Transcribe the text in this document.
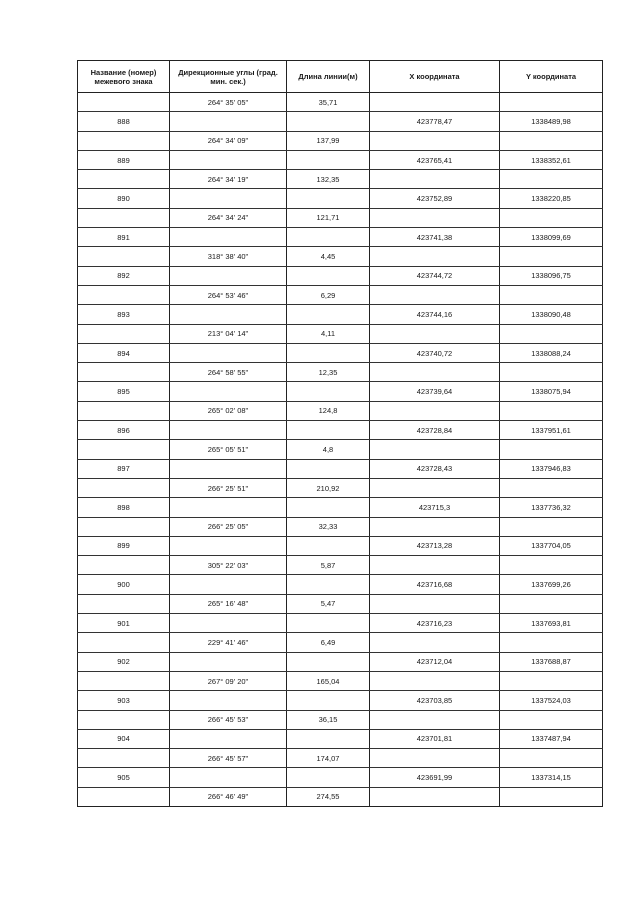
Название (номер) межевого знака	Дирекционные углы (град. мин. сек.)	Длина линии(м)	X координата	Y координата
	264° 35' 05"	35,71		
888			423778,47	1338489,98
	264° 34' 09"	137,99		
889			423765,41	1338352,61
	264° 34' 19"	132,35		
890			423752,89	1338220,85
	264° 34' 24"	121,71		
891			423741,38	1338099,69
	318° 38' 40"	4,45		
892			423744,72	1338096,75
	264° 53' 46"	6,29		
893			423744,16	1338090,48
	213° 04' 14"	4,11		
894			423740,72	1338088,24
	264° 58' 55"	12,35		
895			423739,64	1338075,94
	265° 02' 08"	124,8		
896			423728,84	1337951,61
	265° 05' 51"	4,8		
897			423728,43	1337946,83
	266° 25' 51"	210,92		
898			423715,3	1337736,32
	266° 25' 05"	32,33		
899			423713,28	1337704,05
	305° 22' 03"	5,87		
900			423716,68	1337699,26
	265° 16' 48"	5,47		
901			423716,23	1337693,81
	229° 41' 46"	6,49		
902			423712,04	1337688,87
	267° 09' 20"	165,04		
903			423703,85	1337524,03
	266° 45' 53"	36,15		
904			423701,81	1337487,94
	266° 45' 57"	174,07		
905			423691,99	1337314,15
	266° 46' 49"	274,55		
